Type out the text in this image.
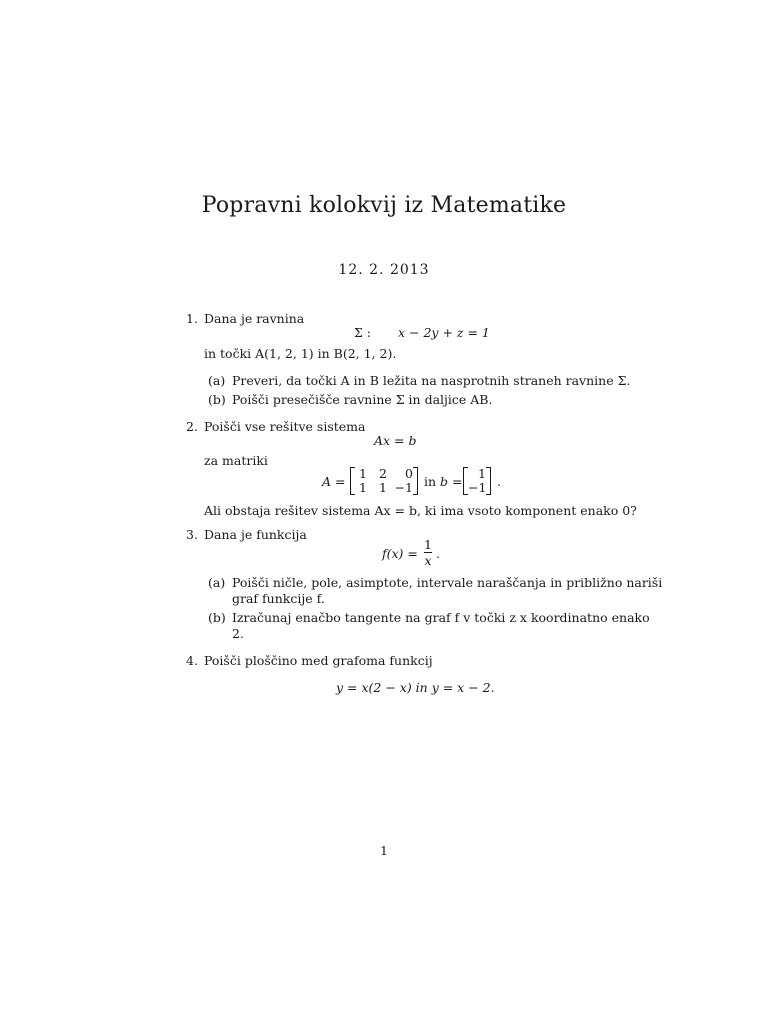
Popravni kolokvij iz Matematike
12. 2. 2013
1. Dana je ravnina
Σ : x − 2y + z = 1
in točki A(1, 2, 1) in B(2, 1, 2).
(a) Preveri, da točki A in B ležita na nasprotnih straneh ravnine Σ.
(b) Poišči presečišče ravnine Σ in daljice AB.
2. Poišči vse rešitve sistema
Ax = b
za matriki
A =
1 2	0
1 1 −1 in b =
1
−1 .
Ali obstaja rešitev sistema Ax = b, ki ima vsoto komponent enako 0?
3. Dana je funkcija
f(x) =
1
x .
(a) Poišči ničle, pole, asimptote, intervale naraščanja in približno nariši
graf funkcije f.
(b) Izračunaj enačbo tangente na graf f v točki z x koordinatno enako
2.
4. Poišči ploščino med grafoma funkcij
y = x(2 − x) in y = x − 2.
1
